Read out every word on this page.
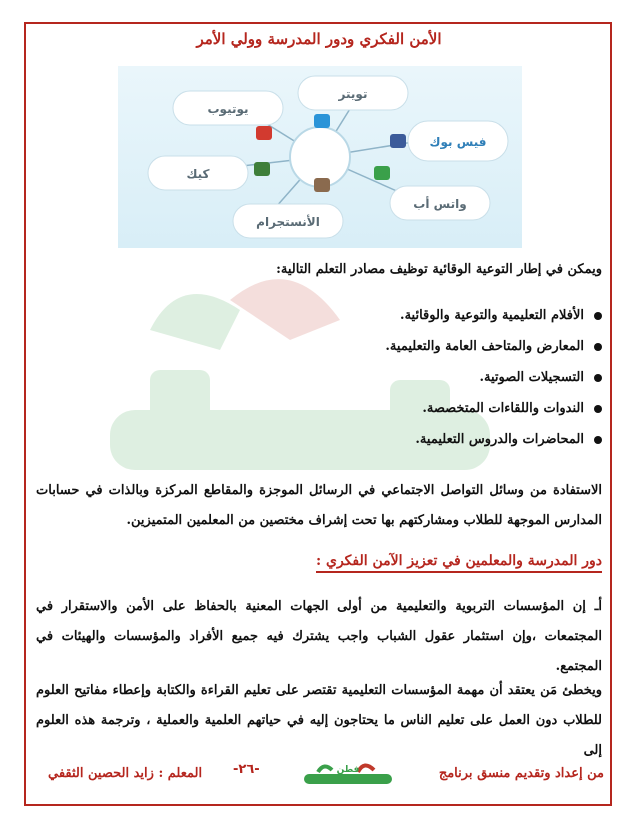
الأمن الفكري ودور المدرسة وولي الأمر
يوتيوب
تويتر
فيس بوك
واتس أب
الأنستجرام
كيك
ويمكن في إطار التوعية الوقائية توظيف مصادر التعلم التالية:
الأفلام التعليمية والتوعية والوقائية.
المعارض والمتاحف العامة والتعليمية.
التسجيلات الصوتية.
الندوات واللقاءات المتخصصة.
المحاضرات والدروس التعليمية.
الاستفادة من وسائل التواصل الاجتماعي في الرسائل الموجزة والمقاطع المركزة وبالذات في حسابات المدارس الموجهة للطلاب ومشاركتهم بها تحت إشراف مختصين من المعلمين المتميزين.
دور المدرسة والمعلمين في تعزيز الآمن الفكري :
أـ إن المؤسسات التربوية والتعليمية من أولى الجهات المعنية بالحفاظ على الأمن والاستقرار في المجتمعات ،وإن استثمار عقول الشباب واجب يشترك فيه جميع الأفراد والمؤسسات والهيئات في المجتمع.
ويخطئ مَن يعتقد أن مهمة المؤسسات التعليمية تقتصر على تعليم القراءة والكتابة وإعطاء مفاتيح العلوم للطلاب دون العمل على تعليم الناس ما يحتاجون إليه في حياتهم العلمية والعملية ، وترجمة هذه العلوم إلى
من إعداد وتقديم منسق برنامج
فطن
-٢٦-
المعلم : زايد الحصين الثقفي
